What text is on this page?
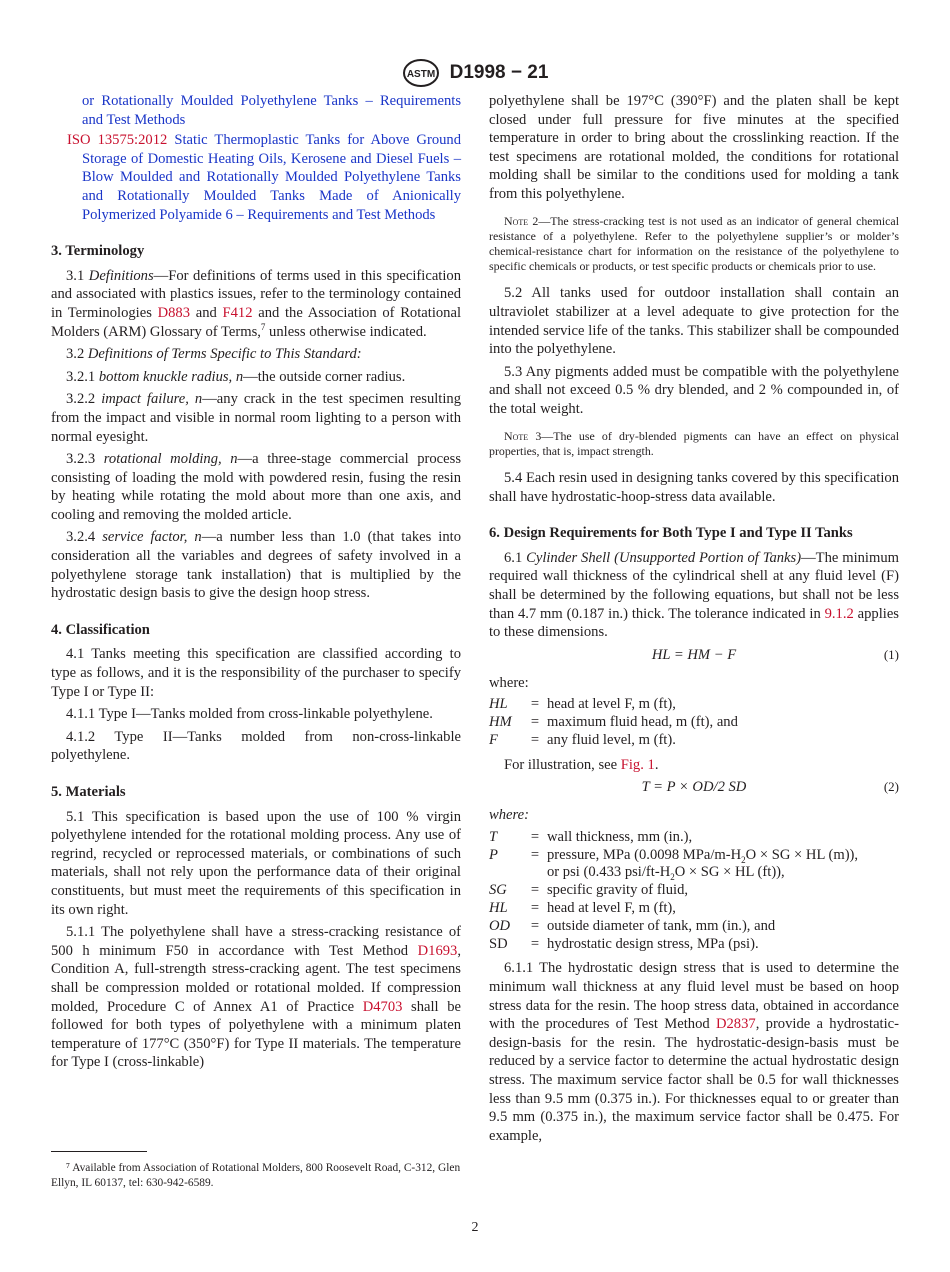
ASTM D1998 − 21

or Rotationally Moulded Polyethylene Tanks – Requirements and Test Methods

ISO 13575:2012 Static Thermoplastic Tanks for Above Ground Storage of Domestic Heating Oils, Kerosene and Diesel Fuels – Blow Moulded and Rotationally Moulded Polyethylene Tanks and Rotationally Moulded Tanks Made of Anionically Polymerized Polyamide 6 – Requirements and Test Methods

3. Terminology

3.1 Definitions—For definitions of terms used in this specification and associated with plastics issues, refer to the terminology contained in Terminologies D883 and F412 and the Association of Rotational Molders (ARM) Glossary of Terms,$^7$ unless otherwise indicated.

3.2 Definitions of Terms Specific to This Standard:

3.2.1 bottom knuckle radius, n—the outside corner radius.

3.2.2 impact failure, n—any crack in the test specimen resulting from the impact and visible in normal room lighting to a person with normal eyesight.

3.2.3 rotational molding, n—a three-stage commercial process consisting of loading the mold with powdered resin, fusing the resin by heating while rotating the mold about more than one axis, and cooling and removing the molded article.

3.2.4 service factor, n—a number less than 1.0 (that takes into consideration all the variables and degrees of safety involved in a polyethylene storage tank installation) that is multiplied by the hydrostatic design basis to give the design hoop stress.

4. Classification

4.1 Tanks meeting this specification are classified according to type as follows, and it is the responsibility of the purchaser to specify Type I or Type II:

4.1.1 Type I—Tanks molded from cross-linkable polyethylene.

4.1.2 Type II—Tanks molded from non-cross-linkable polyethylene.

5. Materials

5.1 This specification is based upon the use of 100 % virgin polyethylene intended for the rotational molding process. Any use of regrind, recycled or reprocessed materials, or combinations of such materials, shall not rely upon the performance data of their original constituents, but must meet the requirements of this specification in its own right.

5.1.1 The polyethylene shall have a stress-cracking resistance of 500 h minimum F50 in accordance with Test Method D1693, Condition A, full-strength stress-cracking agent. The test specimens shall be compression molded or rotational molded. If compression molded, Procedure C of Annex A1 of Practice D4703 shall be followed for both types of polyethylene with a minimum platen temperature of 177°C (350°F) for Type II materials. The temperature for Type I (cross-linkable)

⁷ Available from Association of Rotational Molders, 800 Roosevelt Road, C-312, Glen Ellyn, IL 60137, tel: 630-942-6589.

polyethylene shall be 197°C (390°F) and the platen shall be kept closed under full pressure for five minutes at the specified temperature in order to bring about the crosslinking reaction. If the test specimens are rotational molded, the conditions for rotational molding shall be similar to the conditions used for molding a tank from this polyethylene.

Note 2—The stress-cracking test is not used as an indicator of general chemical resistance of a polyethylene. Refer to the polyethylene supplier’s or molder’s chemical-resistance chart for information on the resistance of the polyethylene to specific chemicals or products, or test specific products or chemicals prior to use.

5.2 All tanks used for outdoor installation shall contain an ultraviolet stabilizer at a level adequate to give protection for the intended service life of the tanks. This stabilizer shall be compounded into the polyethylene.

5.3 Any pigments added must be compatible with the polyethylene and shall not exceed 0.5 % dry blended, and 2 % compounded in, of the total weight.

Note 3—The use of dry-blended pigments can have an effect on physical properties, that is, impact strength.

5.4 Each resin used in designing tanks covered by this specification shall have hydrostatic-hoop-stress data available.

6. Design Requirements for Both Type I and Type II Tanks

6.1 Cylinder Shell (Unsupported Portion of Tanks)—The minimum required wall thickness of the cylindrical shell at any fluid level (F) shall be determined by the following equations, but shall not be less than 4.7 mm (0.187 in.) thick. The tolerance indicated in 9.1.2 applies to these dimensions.

HL = HM − F	(1)

where:

HL	= head at level F, m (ft),
HM	= maximum fluid head, m (ft), and
F	= any fluid level, m (ft).

For illustration, see Fig. 1.

T = P × OD/2 SD	(2)

where:

T	= wall thickness, mm (in.),
P	= pressure, MPa (0.0098 MPa/$m-H_2O$ × SG × HL (m)),
or psi (0.433 psi/$ft-H_2O$ × SG × HL (ft)),
SG	= specific gravity of fluid,
HL	= head at level F, m (ft),
OD	= outside diameter of tank, mm (in.), and
SD	= hydrostatic design stress, MPa (psi).

6.1.1 The hydrostatic design stress that is used to determine the minimum wall thickness at any fluid level must be based on hoop stress data for the resin. The hoop stress data, obtained in accordance with the procedures of Test Method D2837, provide a hydrostatic-design-basis for the resin. The hydrostatic-design-basis must be reduced by a service factor to determine the actual hydrostatic design stress. The maximum service factor shall be 0.5 for wall thicknesses less than 9.5 mm (0.375 in.). For thicknesses equal to or greater than 9.5 mm (0.375 in.), the maximum service factor shall be 0.475. For example,

2
